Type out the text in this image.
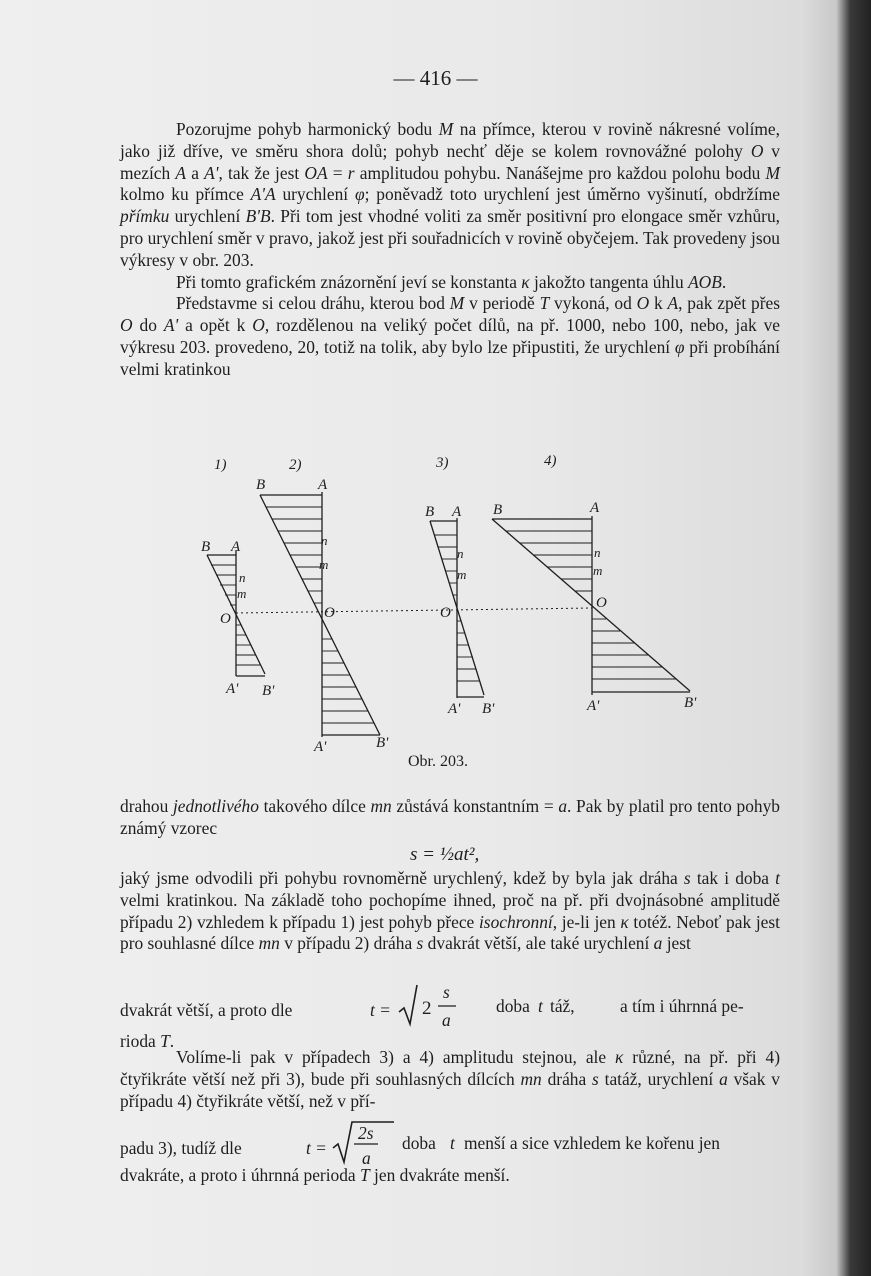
— 416 —

Pozorujme pohyb harmonický bodu M na přímce, kterou v rovině nákresné volíme, jako již dříve, ve směru shora dolů; pohyb nechť děje se kolem rovnovážné polohy O v mezích A a A', tak že jest OA = r amplitudou pohybu. Nanášejme pro každou polohu bodu M kolmo ku přímce A'A urychlení φ; poněvadž toto urychlení jest úměrno vyšinutí, obdržíme přímku urychlení B'B. Při tom jest vhodné voliti za směr positivní pro elongace směr vzhůru, pro urychlení směr v pravo, jakož jest při souřadnicích v rovině obyčejem. Tak provedeny jsou výkresy v obr. 203.

Při tomto grafickém znázornění jeví se konstanta κ jakožto tangenta úhlu AOB.

Představme si celou dráhu, kterou bod M v periodě T vykoná, od O k A, pak zpět přes O do A' a opět k O, rozdělenou na veliký počet dílů, na př. 1000, nebo 100, nebo, jak ve výkresu 203. provedeno, 20, totiž na tolik, aby bylo lze připustiti, že urychlení φ při probíhání velmi kratinkou

1)	2)	3)	4)
B A
n
m
O
A' B'
B	A
n
m
O
A'	B'
B A
n
m
O
A' B'
B	A
n
m
O
A'	B'
Obr. 203.

drahou jednotlivého takového dílce mn zůstává konstantním = a. Pak by platil pro tento pohyb známý vzorec

s = ½at²,

jaký jsme odvodili při pohybu rovnoměrně urychlený, kdež by byla jak dráha s tak i doba t velmi kratinkou. Na základě toho pochopíme ihned, proč na př. při dvojnásobné amplitudě případu 2) vzhledem k případu 1) jest pohyb přece isochronní, je-li jen κ totéž. Neboť pak jest pro souhlasné dílce mn v případu 2) dráha s dvakrát větší, ale také urychlení a jest

dvakrát větší, a proto dle	t = 2
s
a
doba t táž,	a tím i úhrnná pe-
rioda T.

Volíme-li pak v případech 3) a 4) amplitudu stejnou, ale κ různé, na př. při 4) čtyřikráte větší než při 3), bude při souhlasných dílcích mn dráha s tatáž, urychlení a však v případu 4) čtyřikráte větší, než v pří-

padu 3), tudíž dle	t =
2s
a
doba t menší a sice vzhledem ke kořenu jen
dvakráte, a proto i úhrnná perioda T jen dvakráte menší.
